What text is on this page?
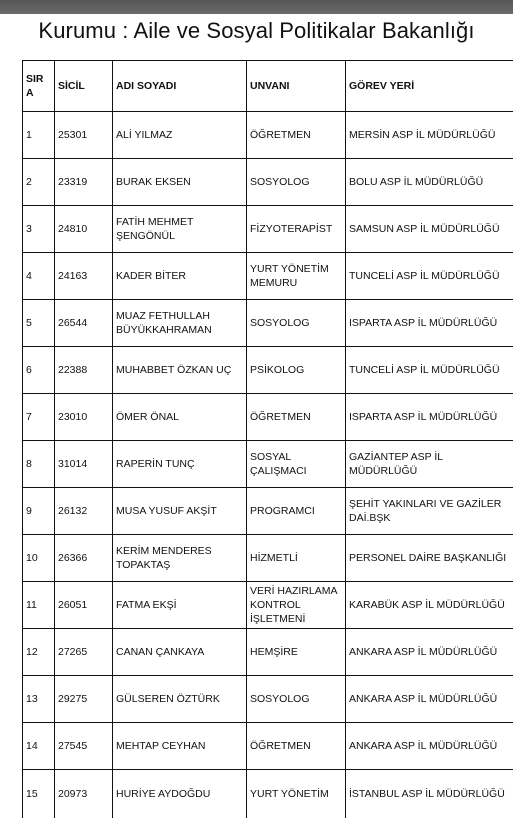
Kurumu : Aile ve Sosyal Politikalar Bakanlığı
SIRA	SİCİL	ADI SOYADI	UNVANI	GÖREV YERİ
1	25301	ALİ YILMAZ	ÖĞRETMEN	MERSİN ASP İL MÜDÜRLÜĞÜ
2	23319	BURAK EKSEN	SOSYOLOG	BOLU ASP İL MÜDÜRLÜĞÜ
3	24810	FATİH MEHMET ŞENGÖNÜL	FİZYOTERAPİST	SAMSUN ASP İL MÜDÜRLÜĞÜ
4	24163	KADER BİTER	YURT YÖNETİM MEMURU	TUNCELİ ASP İL MÜDÜRLÜĞÜ
5	26544	MUAZ FETHULLAH BÜYÜKKAHRAMAN	SOSYOLOG	ISPARTA ASP İL MÜDÜRLÜĞÜ
6	22388	MUHABBET ÖZKAN UÇ	PSİKOLOG	TUNCELİ ASP İL MÜDÜRLÜĞÜ
7	23010	ÖMER ÖNAL	ÖĞRETMEN	ISPARTA ASP İL MÜDÜRLÜĞÜ
8	31014	RAPERİN TUNÇ	SOSYAL ÇALIŞMACI	GAZİANTEP ASP İL MÜDÜRLÜĞÜ
9	26132	MUSA YUSUF AKŞİT	PROGRAMCI	ŞEHİT YAKINLARI VE GAZİLER DAİ.BŞK
10	26366	KERİM MENDERES TOPAKTAŞ	HİZMETLİ	PERSONEL DAİRE BAŞKANLIĞI
11	26051	FATMA EKŞİ	VERİ HAZIRLAMA KONTROL İŞLETMENİ	KARABÜK ASP İL MÜDÜRLÜĞÜ
12	27265	CANAN ÇANKAYA	HEMŞİRE	ANKARA ASP İL MÜDÜRLÜĞÜ
13	29275	GÜLSEREN ÖZTÜRK	SOSYOLOG	ANKARA ASP İL MÜDÜRLÜĞÜ
14	27545	MEHTAP CEYHAN	ÖĞRETMEN	ANKARA ASP İL MÜDÜRLÜĞÜ
15	20973	HURİYE AYDOĞDU	YURT YÖNETİM	İSTANBUL ASP İL MÜDÜRLÜĞÜ
